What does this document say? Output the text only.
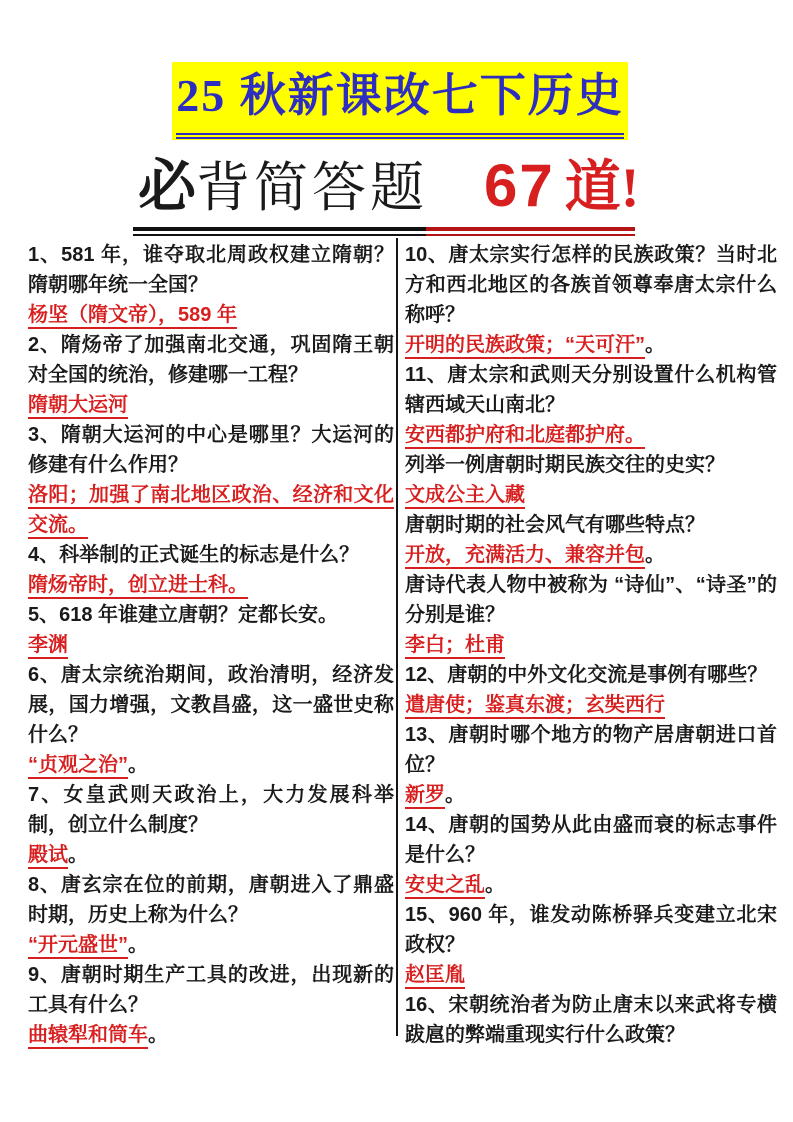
25 秋新课改七下历史
必 背简答题 67 道!

1、581 年，谁夺取北周政权建立隋朝？隋朝哪年统一全国？

杨坚（隋文帝），589 年

2、隋炀帝了加强南北交通，巩固隋王朝对全国的统治，修建哪一工程？

隋朝大运河

3、隋朝大运河的中心是哪里？大运河的修建有什么作用？

洛阳；加强了南北地区政治、经济和文化交流。

4、科举制的正式诞生的标志是什么？

隋炀帝时，创立进士科。

5、618 年谁建立唐朝？定都长安。

李渊

6、唐太宗统治期间，政治清明，经济发展，国力增强，文教昌盛，这一盛世史称什么？

“贞观之治”。

7、女皇武则天政治上，大力发展科举制，创立什么制度？

殿试。

8、唐玄宗在位的前期，唐朝进入了鼎盛时期，历史上称为什么？

“开元盛世”。

9、唐朝时期生产工具的改进，出现新的工具有什么？

曲辕犁和筒车。

10、唐太宗实行怎样的民族政策？当时北方和西北地区的各族首领尊奉唐太宗什么称呼？

开明的民族政策；“天可汗”。

11、唐太宗和武则天分别设置什么机构管辖西域天山南北？

安西都护府和北庭都护府。

列举一例唐朝时期民族交往的史实？

文成公主入藏

唐朝时期的社会风气有哪些特点？

开放，充满活力、兼容并包。

唐诗代表人物中被称为 “诗仙”、“诗圣”的分别是谁？

李白；杜甫

12、唐朝的中外文化交流是事例有哪些？

遣唐使；鉴真东渡；玄奘西行

13、唐朝时哪个地方的物产居唐朝进口首位？

新罗。

14、唐朝的国势从此由盛而衰的标志事件是什么？

安史之乱。

15、960 年，谁发动陈桥驿兵变建立北宋政权？

赵匡胤

16、宋朝统治者为防止唐末以来武将专横跋扈的弊端重现实行什么政策？
